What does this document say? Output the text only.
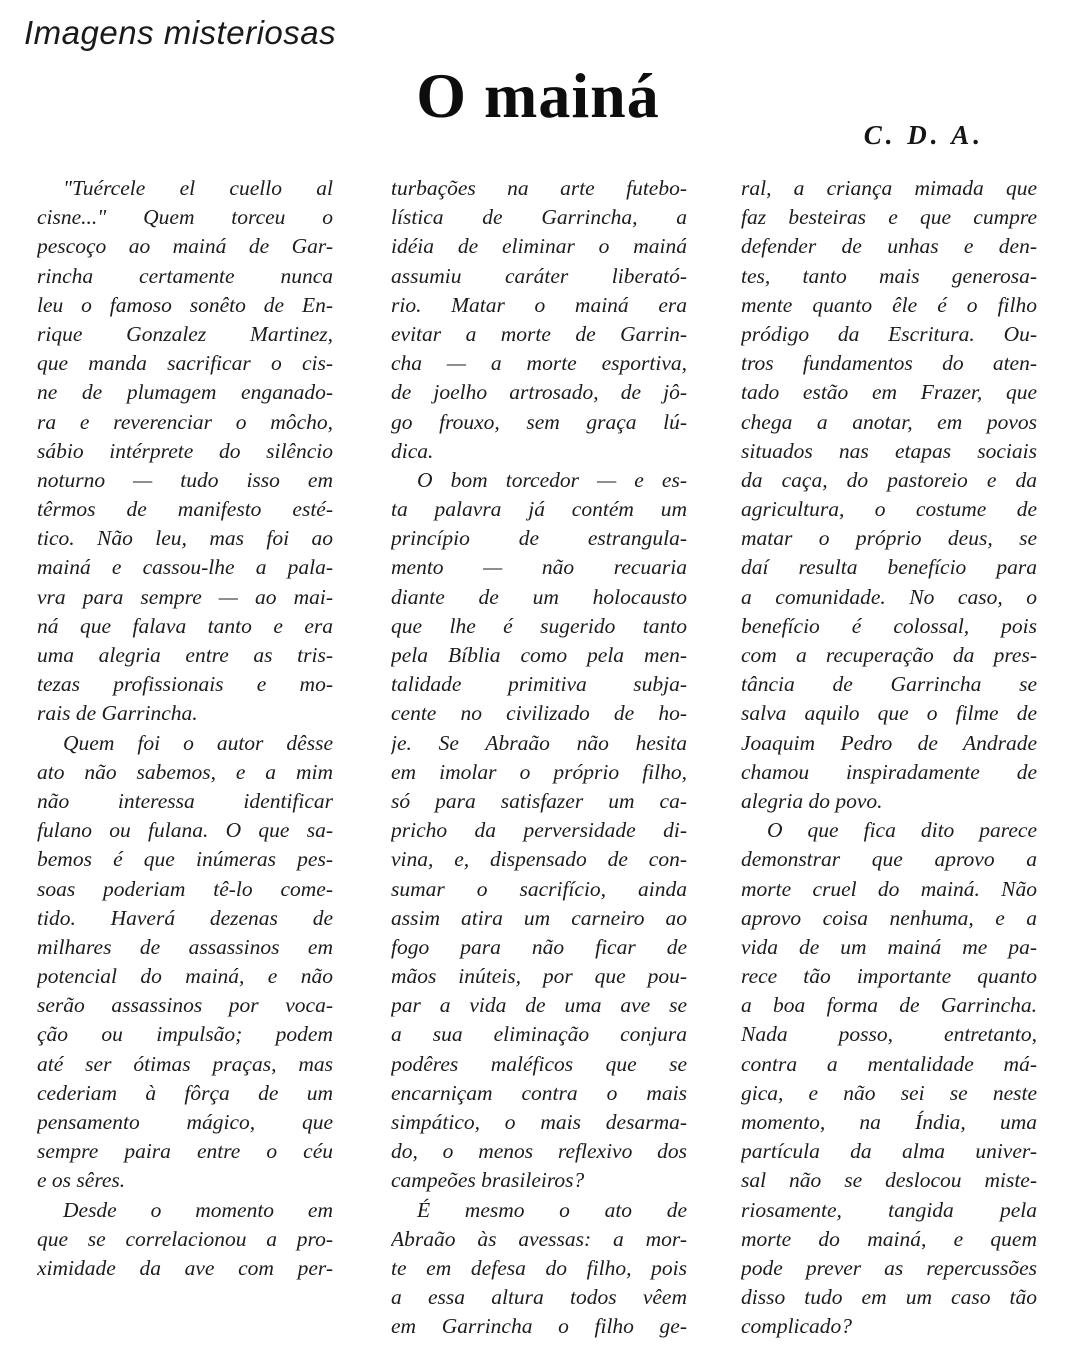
Imagens misteriosas
O mainá
C. D. A.
"Tuércele el cuello al
cisne..." Quem torceu o
pescoço ao mainá de Gar-
rincha certamente nunca
leu o famoso sonêto de En-
rique Gonzalez Martinez,
que manda sacrificar o cis-
ne de plumagem enganado-
ra e reverenciar o môcho,
sábio intérprete do silêncio
noturno — tudo isso em
têrmos de manifesto esté-
tico. Não leu, mas foi ao
mainá e cassou-lhe a pala-
vra para sempre — ao mai-
ná que falava tanto e era
uma alegria entre as tris-
tezas profissionais e mo-
rais de Garrincha.
Quem foi o autor dêsse
ato não sabemos, e a mim
não interessa identificar
fulano ou fulana. O que sa-
bemos é que inúmeras pes-
soas poderiam tê-lo come-
tido. Haverá dezenas de
milhares de assassinos em
potencial do mainá, e não
serão assassinos por voca-
ção ou impulsão; podem
até ser ótimas praças, mas
cederiam à fôrça de um
pensamento mágico, que
sempre paira entre o céu
e os sêres.
Desde o momento em
que se correlacionou a pro-
ximidade da ave com per-
turbações na arte futebo-
lística de Garrincha, a
idéia de eliminar o mainá
assumiu caráter liberató-
rio. Matar o mainá era
evitar a morte de Garrin-
cha — a morte esportiva,
de joelho artrosado, de jô-
go frouxo, sem graça lú-
dica.
O bom torcedor — e es-
ta palavra já contém um
princípio de estrangula-
mento — não recuaria
diante de um holocausto
que lhe é sugerido tanto
pela Bíblia como pela men-
talidade primitiva subja-
cente no civilizado de ho-
je. Se Abraão não hesita
em imolar o próprio filho,
só para satisfazer um ca-
pricho da perversidade di-
vina, e, dispensado de con-
sumar o sacrifício, ainda
assim atira um carneiro ao
fogo para não ficar de
mãos inúteis, por que pou-
par a vida de uma ave se
a sua eliminação conjura
podêres maléficos que se
encarniçam contra o mais
simpático, o mais desarma-
do, o menos reflexivo dos
campeões brasileiros?
É mesmo o ato de
Abraão às avessas: a mor-
te em defesa do filho, pois
a essa altura todos vêem
em Garrincha o filho ge-
ral, a criança mimada que
faz besteiras e que cumpre
defender de unhas e den-
tes, tanto mais generosa-
mente quanto êle é o filho
pródigo da Escritura. Ou-
tros fundamentos do aten-
tado estão em Frazer, que
chega a anotar, em povos
situados nas etapas sociais
da caça, do pastoreio e da
agricultura, o costume de
matar o próprio deus, se
daí resulta benefício para
a comunidade. No caso, o
benefício é colossal, pois
com a recuperação da pres-
tância de Garrincha se
salva aquilo que o filme de
Joaquim Pedro de Andrade
chamou inspiradamente de
alegria do povo.
O que fica dito parece
demonstrar que aprovo a
morte cruel do mainá. Não
aprovo coisa nenhuma, e a
vida de um mainá me pa-
rece tão importante quanto
a boa forma de Garrincha.
Nada posso, entretanto,
contra a mentalidade má-
gica, e não sei se neste
momento, na Índia, uma
partícula da alma univer-
sal não se deslocou miste-
riosamente, tangida pela
morte do mainá, e quem
pode prever as repercussões
disso tudo em um caso tão
complicado?
